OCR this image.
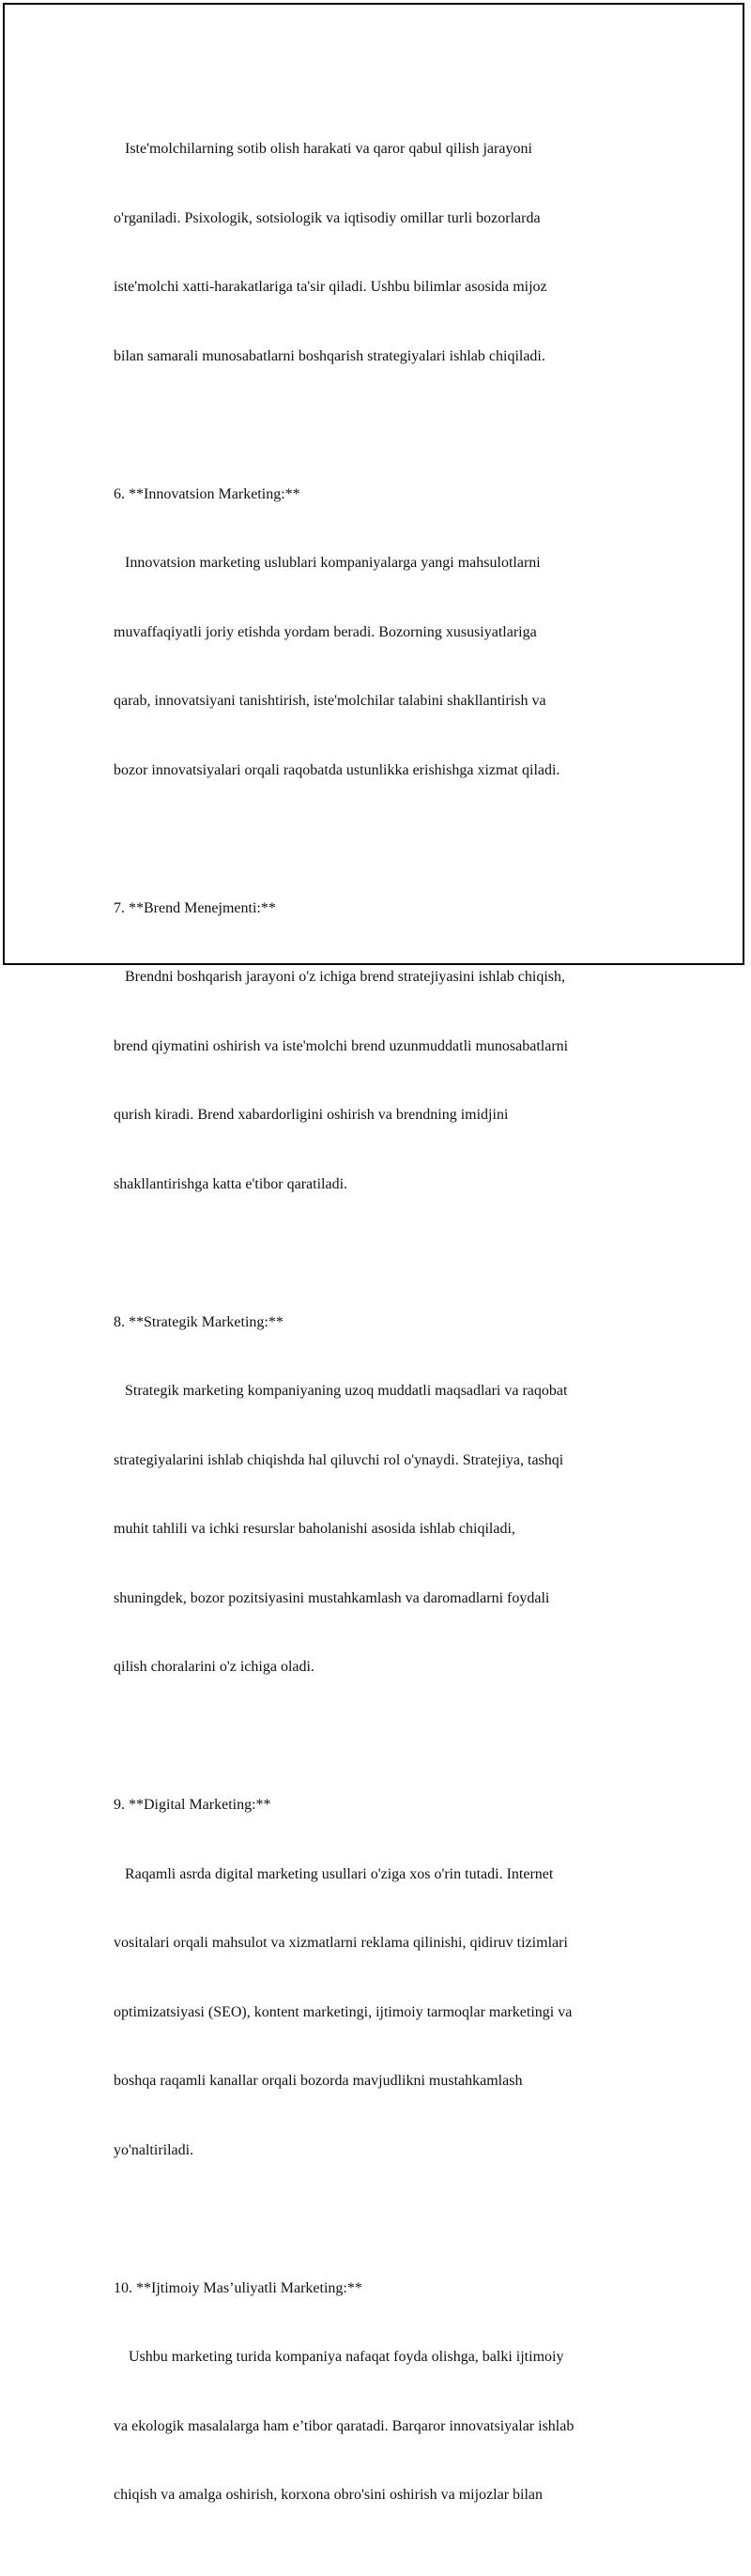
Iste'molchilarning sotib olish harakati va qaror qabul qilish jarayoni

o'rganiladi. Psixologik, sotsiologik va iqtisodiy omillar turli bozorlarda

iste'molchi xatti-harakatlariga ta'sir qiladi. Ushbu bilimlar asosida mijoz

bilan samarali munosabatlarni boshqarish strategiyalari ishlab chiqiladi.

6. **Innovatsion Marketing:**

Innovatsion marketing uslublari kompaniyalarga yangi mahsulotlarni

muvaffaqiyatli joriy etishda yordam beradi. Bozorning xususiyatlariga

qarab, innovatsiyani tanishtirish, iste'molchilar talabini shakllantirish va

bozor innovatsiyalari orqali raqobatda ustunlikka erishishga xizmat qiladi.

7. **Brend Menejmenti:**

Brendni boshqarish jarayoni o'z ichiga brend stratejiyasini ishlab chiqish,

brend qiymatini oshirish va iste'molchi brend uzunmuddatli munosabatlarni

qurish kiradi. Brend xabardorligini oshirish va brendning imidjini

shakllantirishga katta e'tibor qaratiladi.

8. **Strategik Marketing:**

Strategik marketing kompaniyaning uzoq muddatli maqsadlari va raqobat

strategiyalarini ishlab chiqishda hal qiluvchi rol o'ynaydi. Stratejiya, tashqi

muhit tahlili va ichki resurslar baholanishi asosida ishlab chiqiladi,

shuningdek, bozor pozitsiyasini mustahkamlash va daromadlarni foydali

qilish choralarini o'z ichiga oladi.

9. **Digital Marketing:**

Raqamli asrda digital marketing usullari o'ziga xos o'rin tutadi. Internet

vositalari orqali mahsulot va xizmatlarni reklama qilinishi, qidiruv tizimlari

optimizatsiyasi (SEO), kontent marketingi, ijtimoiy tarmoqlar marketingi va

boshqa raqamli kanallar orqali bozorda mavjudlikni mustahkamlash

yo'naltiriladi.

10. **Ijtimoiy Mas’uliyatli Marketing:**

Ushbu marketing turida kompaniya nafaqat foyda olishga, balki ijtimoiy

va ekologik masalalarga ham e’tibor qaratadi. Barqaror innovatsiyalar ishlab

chiqish va amalga oshirish, korxona obro'sini oshirish va mijozlar bilan
